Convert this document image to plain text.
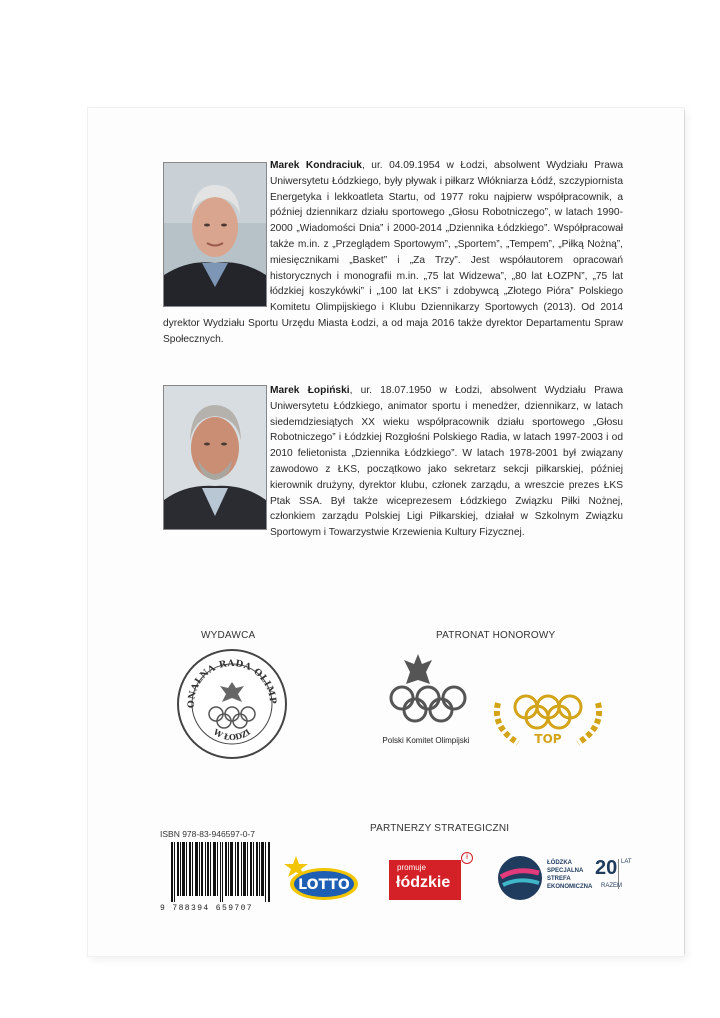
Marek Kondraciuk, ur. 04.09.1954 w Łodzi, absolwent Wydziału Prawa Uniwersytetu Łódzkiego, były pływak i piłkarz Włókniarza Łódź, szczypiornista Energetyka i lekkoatleta Startu, od 1977 roku najpierw współpracownik, a później dziennikarz działu sportowego „Głosu Robotniczego”, w latach 1990-2000 „Wiadomości Dnia” i 2000-2014 „Dziennika Łódzkiego”. Współpracował także m.in. z „Przeglądem Sportowym”, „Sportem”, „Tempem”, „Piłką Nożną”, miesięcznikami „Basket” i „Za Trzy”. Jest współautorem opracowań historycznych i monografii m.in. „75 lat Widzewa”, „80 lat ŁOZPN”, „75 lat łódzkiej koszykówki” i „100 lat ŁKS” i zdobywcą „Złotego Pióra” Polskiego Komitetu Olimpijskiego i Klubu Dziennikarzy Sportowych (2013). Od 2014 dyrektor Wydziału Sportu Urzędu Miasta Łodzi, a od maja 2016 także dyrektor Departamentu Spraw Społecznych.
Marek Łopiński, ur. 18.07.1950 w Łodzi, absolwent Wydziału Prawa Uniwersytetu Łódzkiego, animator sportu i menedżer, dziennikarz, w latach siedemdziesiątych XX wieku współpracownik działu sportowego „Głosu Robotniczego” i Łódzkiej Rozgłośni Polskiego Radia, w latach 1997-2003 i od 2010 felietonista „Dziennika Łódzkiego”. W latach 1978-2001 był związany zawodowo z ŁKS, początkowo jako sekretarz sekcji piłkarskiej, później kierownik drużyny, dyrektor klubu, członek zarządu, a wreszcie prezes ŁKS Ptak SSA. Był także wiceprezesem Łódzkiego Związku Piłki Nożnej, członkiem zarządu Polskiej Ligi Piłkarskiej, działał w Szkolnym Związku Sportowym i Towarzystwie Krzewienia Kultury Fizycznej.
WYDAWCA	PATRONAT HONOROWY
PARTNERZY STRATEGICZNI
ONALNA RADA OLIMP
W ŁODZI
Polski Komitet Olimpijski	TOP
ISBN 978-83-946597-0-7
9 788394 659707
LOTTO
promuje
łódzkie
ł
ŁÓDZKA
SPECJALNA
STREFA
EKONOMICZNA
20 LAT
RAZEM
